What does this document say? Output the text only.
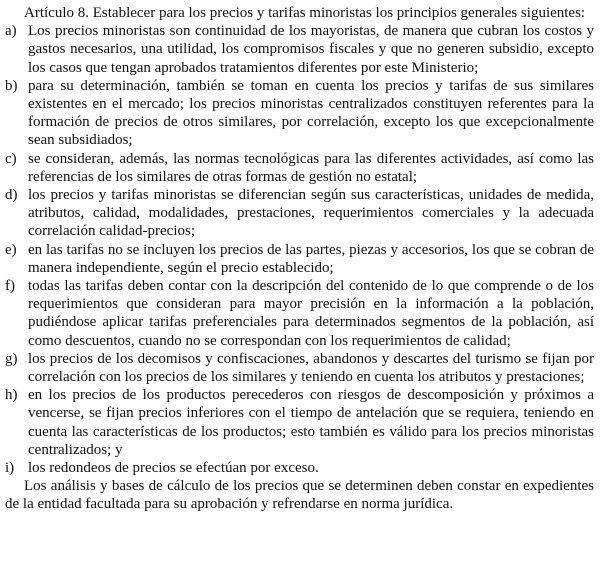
Artículo 8. Establecer para los precios y tarifas minoristas los principios generales siguientes:

a) Los precios minoristas son continuidad de los mayoristas, de manera que cubran los costos y gastos necesarios, una utilidad, los compromisos fiscales y que no generen subsidio, excepto los casos que tengan aprobados tratamientos diferentes por este Ministerio;
b) para su determinación, también se toman en cuenta los precios y tarifas de sus similares existentes en el mercado; los precios minoristas centralizados constituyen referentes para la formación de precios de otros similares, por correlación, excepto los que excepcionalmente sean subsidiados;
c) se consideran, además, las normas tecnológicas para las diferentes actividades, así como las referencias de los similares de otras formas de gestión no estatal;
d) los precios y tarifas minoristas se diferencian según sus características, unidades de medida, atributos, calidad, modalidades, prestaciones, requerimientos comerciales y la adecuada correlación calidad-precios;
e) en las tarifas no se incluyen los precios de las partes, piezas y accesorios, los que se cobran de manera independiente, según el precio establecido;
f) todas las tarifas deben contar con la descripción del contenido de lo que comprende o de los requerimientos que consideran para mayor precisión en la información a la población, pudiéndose aplicar tarifas preferenciales para determinados segmentos de la población, así como descuentos, cuando no se correspondan con los requerimientos de calidad;
g) los precios de los decomisos y confiscaciones, abandonos y descartes del turismo se fijan por correlación con los precios de los similares y teniendo en cuenta los atributos y prestaciones;
h) en los precios de los productos perecederos con riesgos de descomposición y próximos a vencerse, se fijan precios inferiores con el tiempo de antelación que se requiera, teniendo en cuenta las características de los productos; esto también es válido para los precios minoristas centralizados; y
i) los redondeos de precios se efectúan por exceso.

Los análisis y bases de cálculo de los precios que se determinen deben constar en expedientes de la entidad facultada para su aprobación y refrendarse en norma jurídica.
